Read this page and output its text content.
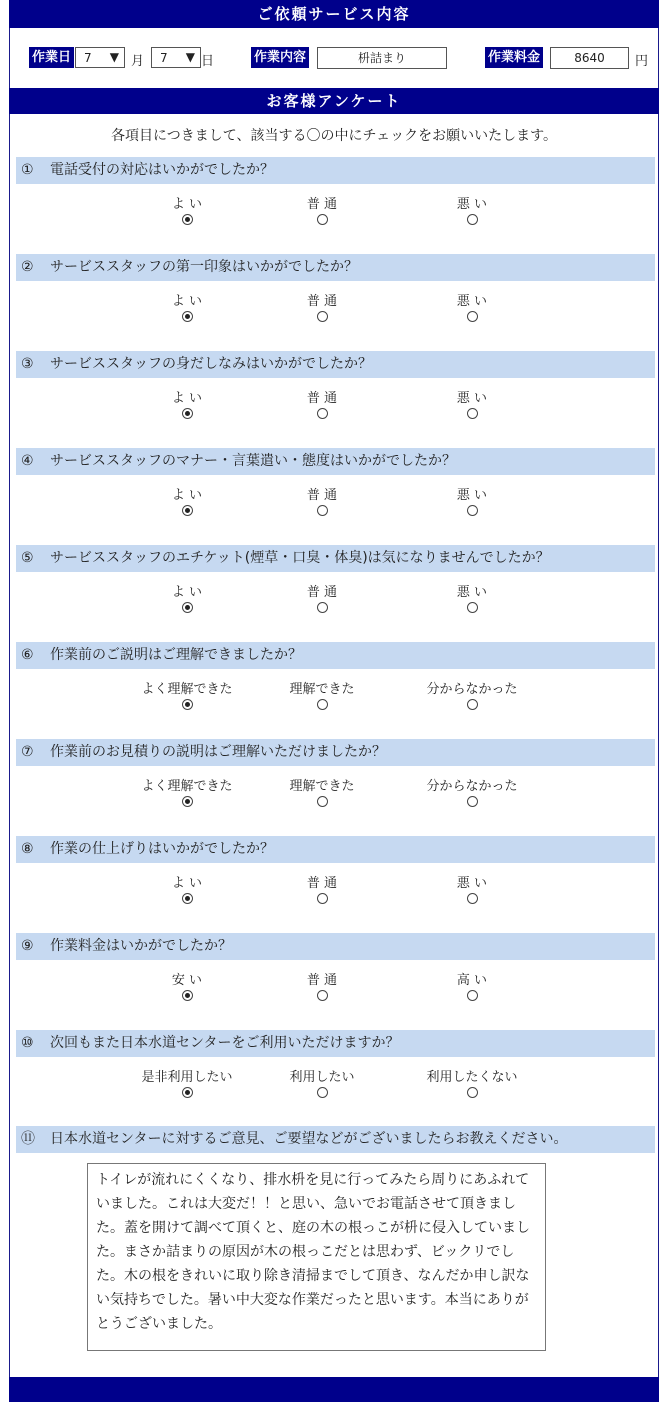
ご依頼サービス内容
作業日 7 ▼ 月 7 ▼ 日	作業内容	枡詰まり	作業料金	8640	円
お客様アンケート
各項目につきまして、該当する〇の中にチェックをお願いいたします。
① 電話受付の対応はいかがでしたか？
よ い	普 通	悪 い
② サービススタッフの第一印象はいかがでしたか？
よ い	普 通	悪 い
③ サービススタッフの身だしなみはいかがでしたか？
よ い	普 通	悪 い
④ サービススタッフのマナー・言葉遣い・態度はいかがでしたか？
よ い	普 通	悪 い
⑤ サービススタッフのエチケット(煙草・口臭・体臭)は気になりませんでしたか？
よ い	普 通	悪 い
⑥ 作業前のご説明はご理解できましたか？
よく理解できた	理解できた	分からなかった
⑦ 作業前のお見積りの説明はご理解いただけましたか？
よく理解できた	理解できた	分からなかった
⑧ 作業の仕上げりはいかがでしたか？
よ い	普 通	悪 い
⑨ 作業料金はいかがでしたか？
安 い	普 通	高 い
⑩ 次回もまた日本水道センターをご利用いただけますか？
是非利用したい	利用したい	利用したくない
⑪ 日本水道センターに対するご意見、ご要望などがございましたらお教えください。
トイレが流れにくくなり、排水枡を見に行ってみたら周りにあふれていました。これは大変だ！！と思い、急いでお電話させて頂きました。蓋を開けて調べて頂くと、庭の木の根っこが枡に侵入していました。まさか詰まりの原因が木の根っこだとは思わず、ビックリでした。木の根をきれいに取り除き清掃までして頂き、なんだか申し訳ない気持ちでした。暑い中大変な作業だったと思います。本当にありがとうございました。
